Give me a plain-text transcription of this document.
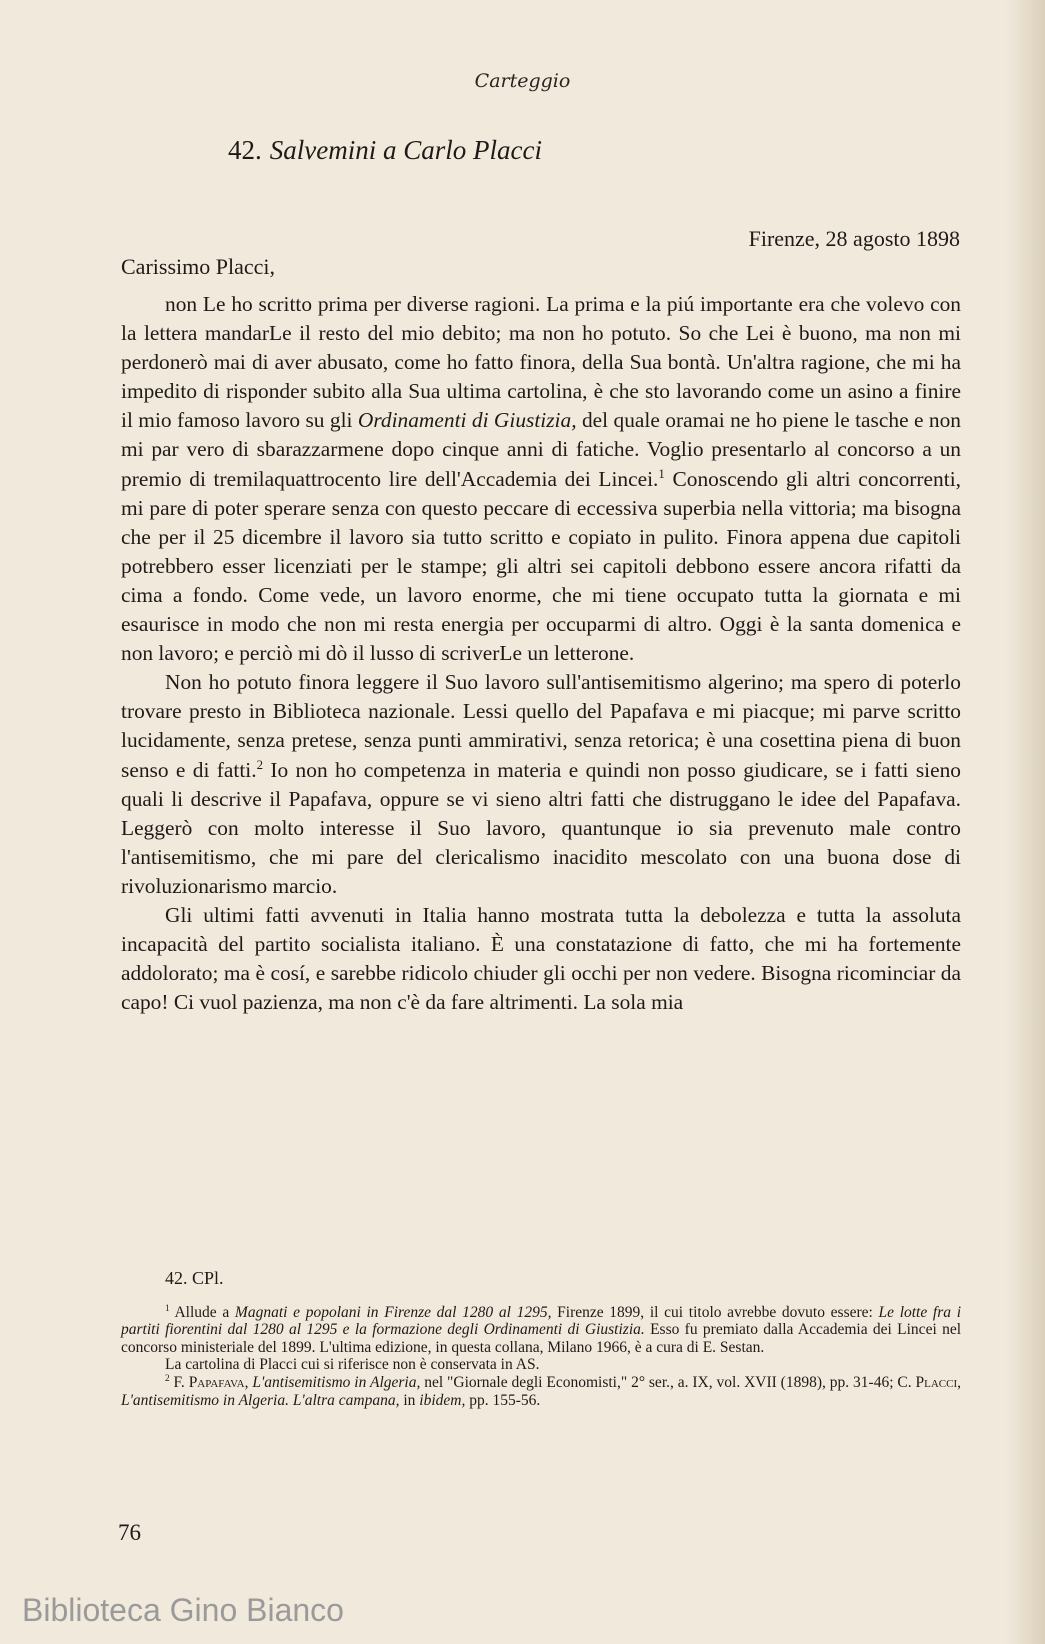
Carteggio
42. Salvemini a Carlo Placci
Firenze, 28 agosto 1898
Carissimo Placci,

non Le ho scritto prima per diverse ragioni. La prima e la piú importante era che volevo con la lettera mandarLe il resto del mio debito; ma non ho potuto. So che Lei è buono, ma non mi perdonerò mai di aver abusato, come ho fatto finora, della Sua bontà. Un'altra ragione, che mi ha impedito di risponder subito alla Sua ultima cartolina, è che sto lavorando come un asino a finire il mio famoso lavoro su gli Ordinamenti di Giustizia, del quale oramai ne ho piene le tasche e non mi par vero di sbarazzarmene dopo cinque anni di fatiche. Voglio presentarlo al concorso a un premio di tremilaquattrocento lire dell'Accademia dei Lincei.$^1$ Conoscendo gli altri concorrenti, mi pare di poter sperare senza con questo peccare di eccessiva superbia nella vittoria; ma bisogna che per il 25 dicembre il lavoro sia tutto scritto e copiato in pulito. Finora appena due capitoli potrebbero esser licenziati per le stampe; gli altri sei capitoli debbono essere ancora rifatti da cima a fondo. Come vede, un lavoro enorme, che mi tiene occupato tutta la giornata e mi esaurisce in modo che non mi resta energia per occuparmi di altro. Oggi è la santa domenica e non lavoro; e perciò mi dò il lusso di scriverLe un letterone.

Non ho potuto finora leggere il Suo lavoro sull'antisemitismo algerino; ma spero di poterlo trovare presto in Biblioteca nazionale. Lessi quello del Papafava e mi piacque; mi parve scritto lucidamente, senza pretese, senza punti ammirativi, senza retorica; è una cosettina piena di buon senso e di fatti.$^2$ Io non ho competenza in materia e quindi non posso giudicare, se i fatti sieno quali li descrive il Papafava, oppure se vi sieno altri fatti che distruggano le idee del Papafava. Leggerò con molto interesse il Suo lavoro, quantunque io sia prevenuto male contro l'antisemitismo, che mi pare del clericalismo inacidito mescolato con una buona dose di rivoluzionarismo marcio.

Gli ultimi fatti avvenuti in Italia hanno mostrata tutta la debolezza e tutta la assoluta incapacità del partito socialista italiano. È una constatazione di fatto, che mi ha fortemente addolorato; ma è cosí, e sarebbe ridicolo chiuder gli occhi per non vedere. Bisogna ricominciar da capo! Ci vuol pazienza, ma non c'è da fare altrimenti. La sola mia

42. CPl.

$^1$ Allude a Magnati e popolani in Firenze dal 1280 al 1295, Firenze 1899, il cui titolo avrebbe dovuto essere: Le lotte fra i partiti fiorentini dal 1280 al 1295 e la formazione degli Ordinamenti di Giustizia. Esso fu premiato dalla Accademia dei Lincei nel concorso ministeriale del 1899. L'ultima edizione, in questa collana, Milano 1966, è a cura di E. Sestan.

La cartolina di Placci cui si riferisce non è conservata in AS.

$^2$ F. Papafava, L'antisemitismo in Algeria, nel "Giornale degli Economisti," 2° ser., a. IX, vol. XVII (1898), pp. 31-46; C. Placci, L'antisemitismo in Algeria. L'altra campana, in ibidem, pp. 155-56.

76
Biblioteca Gino Bianco
